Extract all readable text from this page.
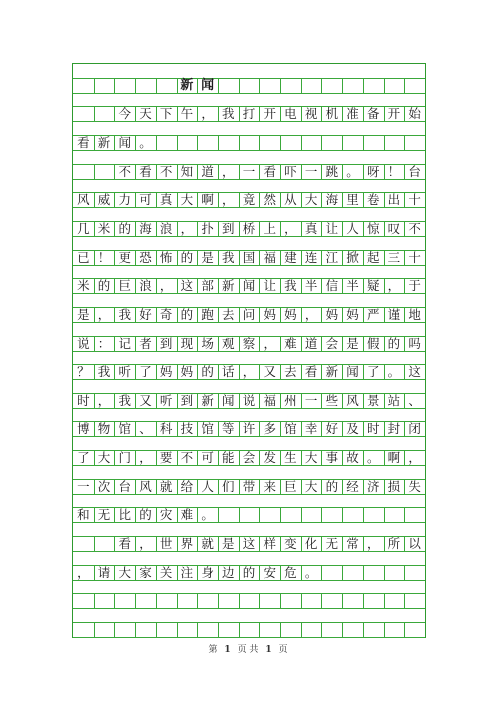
新 闻
今 天 下 午 ， 我 打 开 电 视 机 准 备 开 始
看 新 闻 。
不 看 不 知 道 ， 一 看 吓 一 跳 。 呀 ！ 台
风 威 力 可 真 大 啊 ， 竟 然 从 大 海 里 卷 出 十
几 米 的 海 浪 ， 扑 到 桥 上 ， 真 让 人 惊 叹 不
已 ！ 更 恐 怖 的 是 我 国 福 建 连 江 掀 起 三 十
米 的 巨 浪 ， 这 部 新 闻 让 我 半 信 半 疑 ， 于
是 ， 我 好 奇 的 跑 去 问 妈 妈 ， 妈 妈 严 谨 地
说 ： 记 者 到 现 场 观 察 ， 难 道 会 是 假 的 吗
？ 我 听 了 妈 妈 的 话 ， 又 去 看 新 闻 了 。 这
时 ， 我 又 听 到 新 闻 说 福 州 一 些 风 景 站 、
博 物 馆 、 科 技 馆 等 许 多 馆 幸 好 及 时 封 闭
了 大 门 ， 要 不 可 能 会 发 生 大 事 故 。 啊 ，
一 次 台 风 就 给 人 们 带 来 巨 大 的 经 济 损 失
和 无 比 的 灾 难 。
看 ， 世 界 就 是 这 样 变 化 无 常 ， 所 以
， 请 大 家 关 注 身 边 的 安 危 。
第 1 页 共 1 页
